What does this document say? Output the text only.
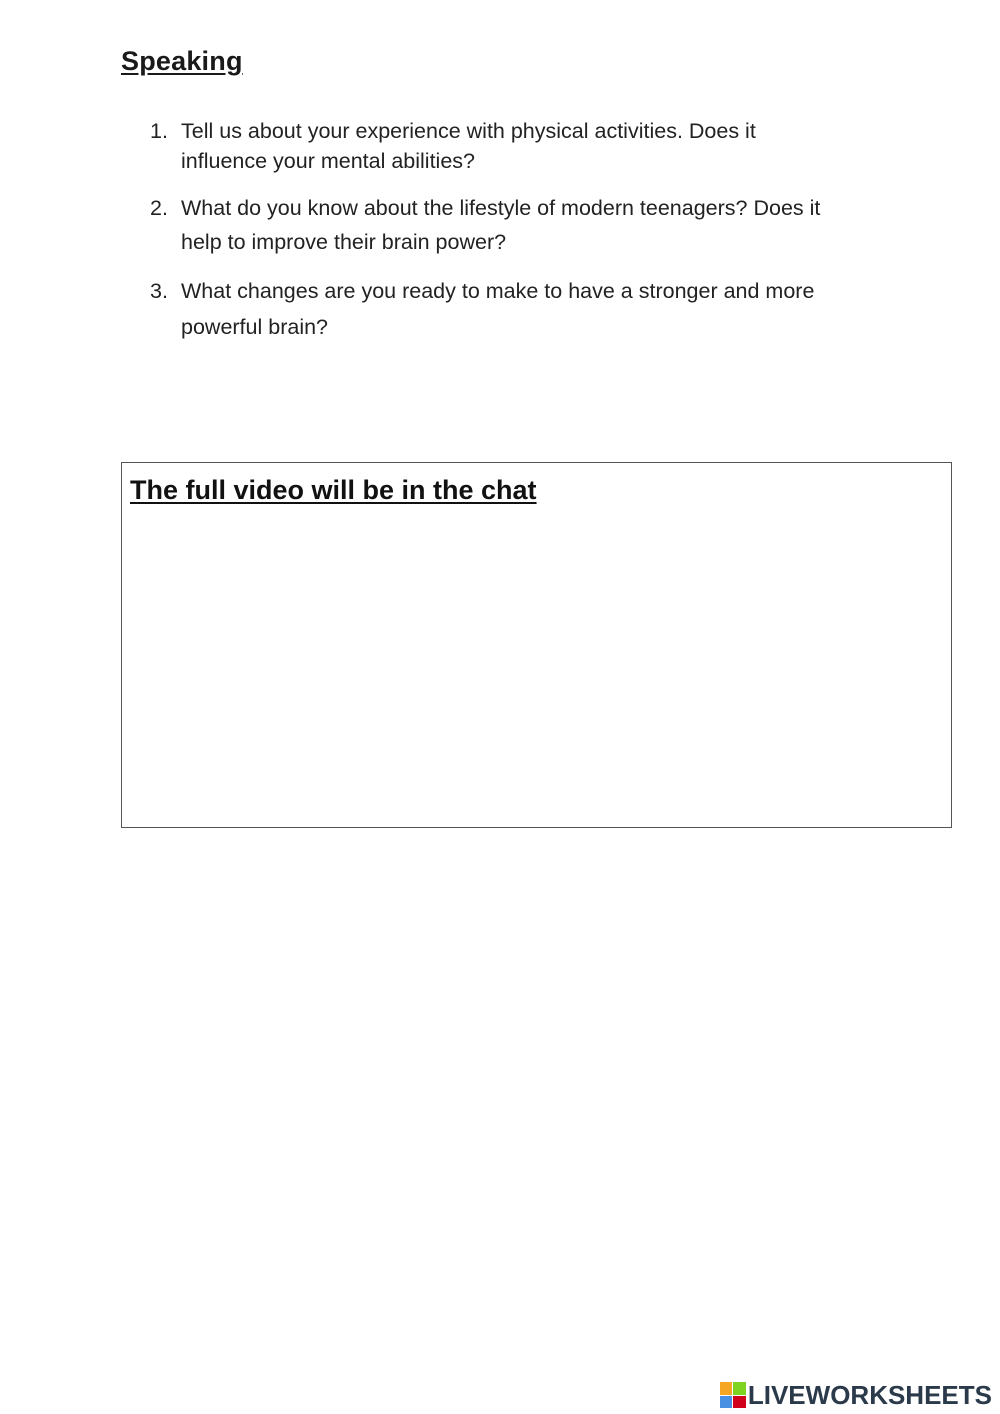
Speaking
1. Tell us about your experience with physical activities. Does it
influence your mental abilities?
2. What do you know about the lifestyle of modern teenagers? Does it
help to improve their brain power?
3. What changes are you ready to make to have a stronger and more
powerful brain?
The full video will be in the chat
LIVEWORKSHEETS
